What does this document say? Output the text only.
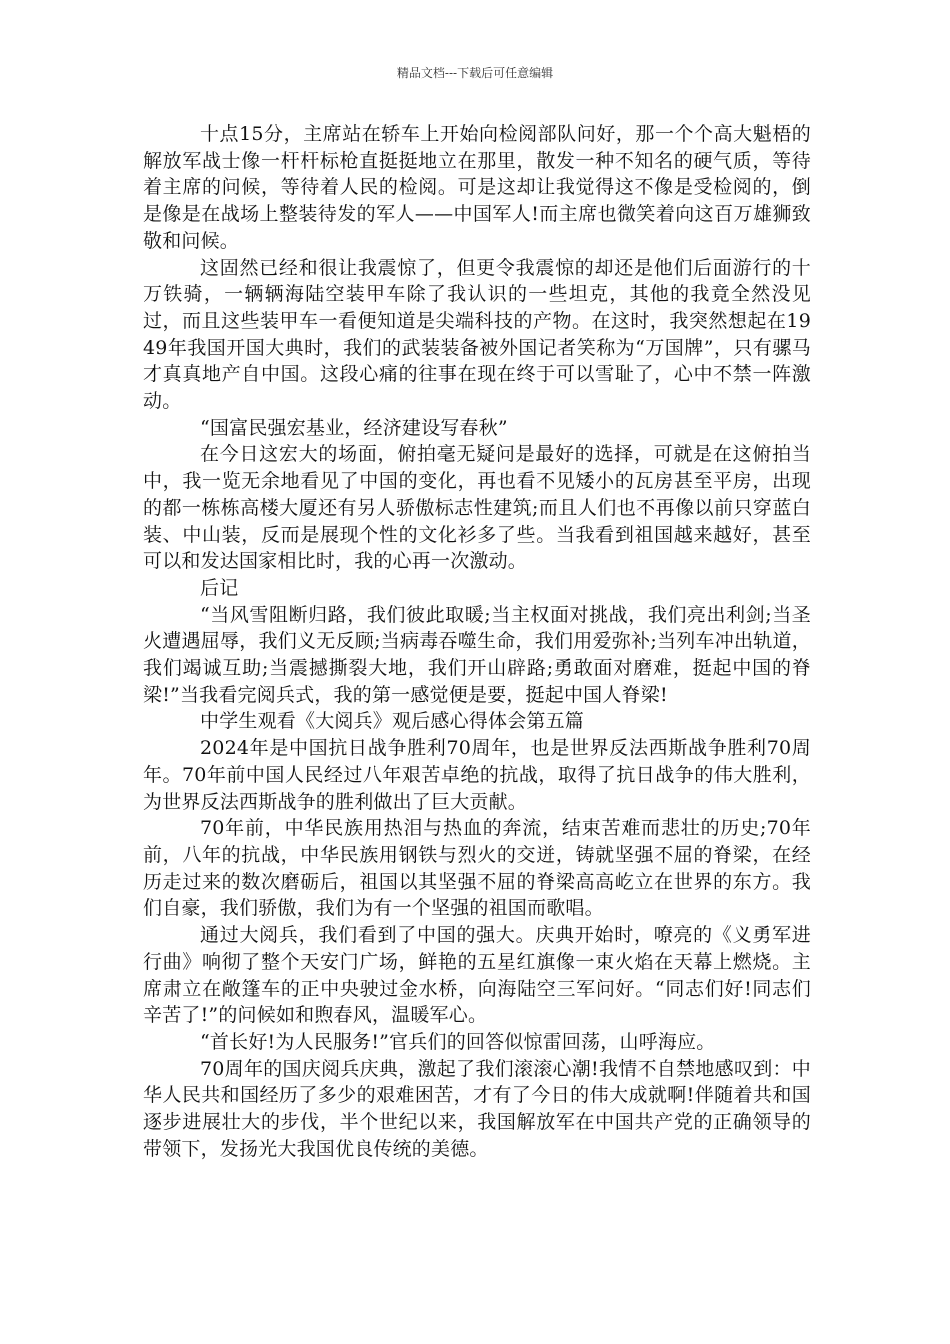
精品文档---下载后可任意编辑

十点15分，主席站在轿车上开始向检阅部队问好，那一个个高大魁梧的解放军战士像一杆杆标枪直挺挺地立在那里，散发一种不知名的硬气质，等待着主席的问候，等待着人民的检阅。可是这却让我觉得这不像是受检阅的，倒是像是在战场上整装待发的军人——中国军人!而主席也微笑着向这百万雄狮致敬和问候。

这固然已经和很让我震惊了，但更令我震惊的却还是他们后面游行的十万铁骑，一辆辆海陆空装甲车除了我认识的一些坦克，其他的我竟全然没见过，而且这些装甲车一看便知道是尖端科技的产物。在这时，我突然想起在1949年我国开国大典时，我们的武装装备被外国记者笑称为“万国牌”，只有骡马才真真地产自中国。这段心痛的往事在现在终于可以雪耻了，心中不禁一阵激动。

“国富民强宏基业，经济建设写春秋”

在今日这宏大的场面，俯拍毫无疑问是最好的选择，可就是在这俯拍当中，我一览无余地看见了中国的变化，再也看不见矮小的瓦房甚至平房，出现的都一栋栋高楼大厦还有另人骄傲标志性建筑;而且人们也不再像以前只穿蓝白装、中山装，反而是展现个性的文化衫多了些。当我看到祖国越来越好，甚至可以和发达国家相比时，我的心再一次激动。

后记

“当风雪阻断归路，我们彼此取暖;当主权面对挑战，我们亮出利剑;当圣火遭遇屈辱，我们义无反顾;当病毒吞噬生命，我们用爱弥补;当列车冲出轨道，我们竭诚互助;当震撼撕裂大地，我们开山辟路;勇敢面对磨难，挺起中国的脊梁!”当我看完阅兵式，我的第一感觉便是要，挺起中国人脊梁!

中学生观看《大阅兵》观后感心得体会第五篇

2024年是中国抗日战争胜利70周年，也是世界反法西斯战争胜利70周年。70年前中国人民经过八年艰苦卓绝的抗战，取得了抗日战争的伟大胜利，为世界反法西斯战争的胜利做出了巨大贡献。

70年前，中华民族用热泪与热血的奔流，结束苦难而悲壮的历史;70年前，八年的抗战，中华民族用钢铁与烈火的交迸，铸就坚强不屈的脊梁，在经历走过来的数次磨砺后，祖国以其坚强不屈的脊梁高高屹立在世界的东方。我们自豪，我们骄傲，我们为有一个坚强的祖国而歌唱。

通过大阅兵，我们看到了中国的强大。庆典开始时，嘹亮的《义勇军进行曲》响彻了整个天安门广场，鲜艳的五星红旗像一束火焰在天幕上燃烧。主席肃立在敞篷车的正中央驶过金水桥，向海陆空三军问好。“同志们好!同志们辛苦了!”的问候如和煦春风，温暖军心。

“首长好!为人民服务!”官兵们的回答似惊雷回荡，山呼海应。

70周年的国庆阅兵庆典，激起了我们滚滚心潮!我情不自禁地感叹到：中华人民共和国经历了多少的艰难困苦，才有了今日的伟大成就啊!伴随着共和国逐步进展壮大的步伐，半个世纪以来，我国解放军在中国共产党的正确领导的带领下，发扬光大我国优良传统的美德。
